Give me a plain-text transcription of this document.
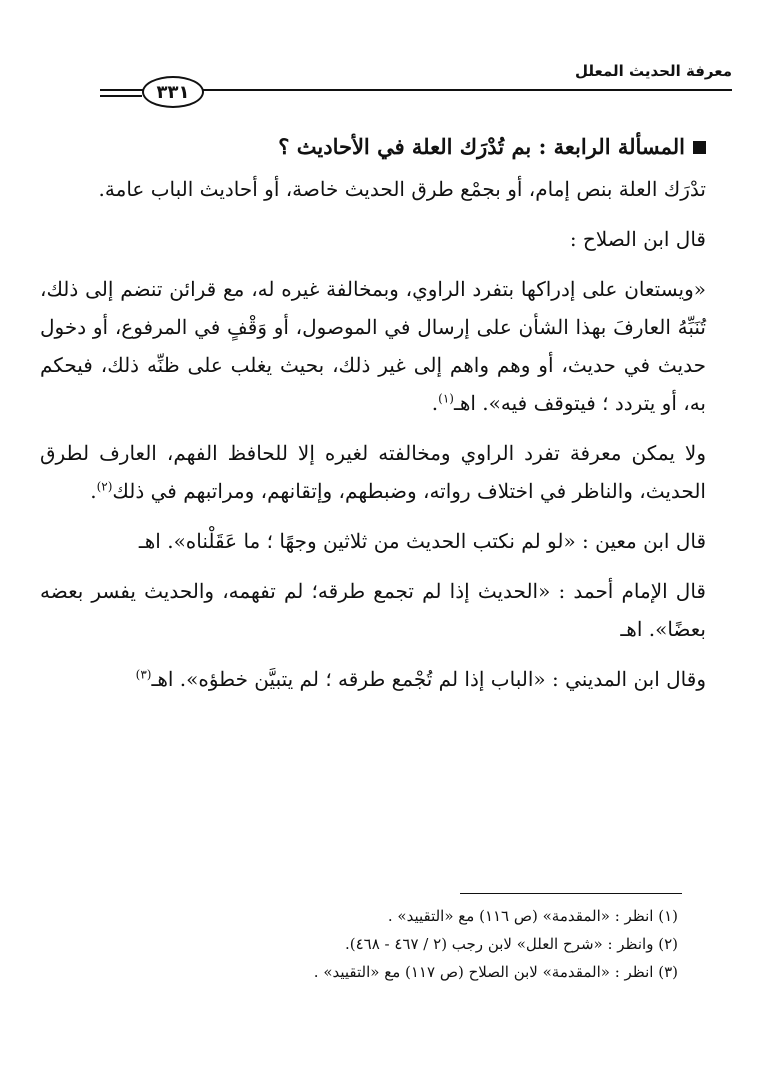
معرفة الحديث المعلل
٣٣١
المسألة الرابعة : بم تُدْرَك العلة في الأحاديث ؟

تدْرَك العلة بنص إمام، أو بجمْع طرق الحديث خاصة، أو أحاديث الباب عامة.

قال ابن الصلاح :

«ويستعان على إدراكها بتفرد الراوي، وبمخالفة غيره له، مع قرائن تنضم إلى ذلك، تُنَبِّهُ العارفَ بهذا الشأن على إرسال في الموصول، أو وَقْفٍ في المرفوع، أو دخول حديث في حديث، أو وهم واهم إلى غير ذلك، بحيث يغلب على ظنِّه ذلك، فيحكم به، أو يتردد ؛ فيتوقف فيه». اهـ$^{(١)}$.

ولا يمكن معرفة تفرد الراوي ومخالفته لغيره إلا للحافظ الفهم، العارف لطرق الحديث، والناظر في اختلاف رواته، وضبطهم، وإتقانهم، ومراتبهم في ذلك$^{(٢)}$.

قال ابن معين : «لو لم نكتب الحديث من ثلاثين وجهًا ؛ ما عَقَلْناه». اهـ

قال الإمام أحمد : «الحديث إذا لم تجمع طرقه؛ لم تفهمه، والحديث يفسر بعضه بعضًا». اهـ

وقال ابن المديني : «الباب إذا لم تُجْمع طرقه ؛ لم يتبيَّن خطؤه». اهـ$^{(٣)}$

(١) انظر : «المقدمة» (ص ١١٦) مع «التقييد» .

(٢) وانظر : «شرح العلل» لابن رجب (٢ / ٤٦٧ - ٤٦٨).

(٣) انظر : «المقدمة» لابن الصلاح (ص ١١٧) مع «التقييد» .
